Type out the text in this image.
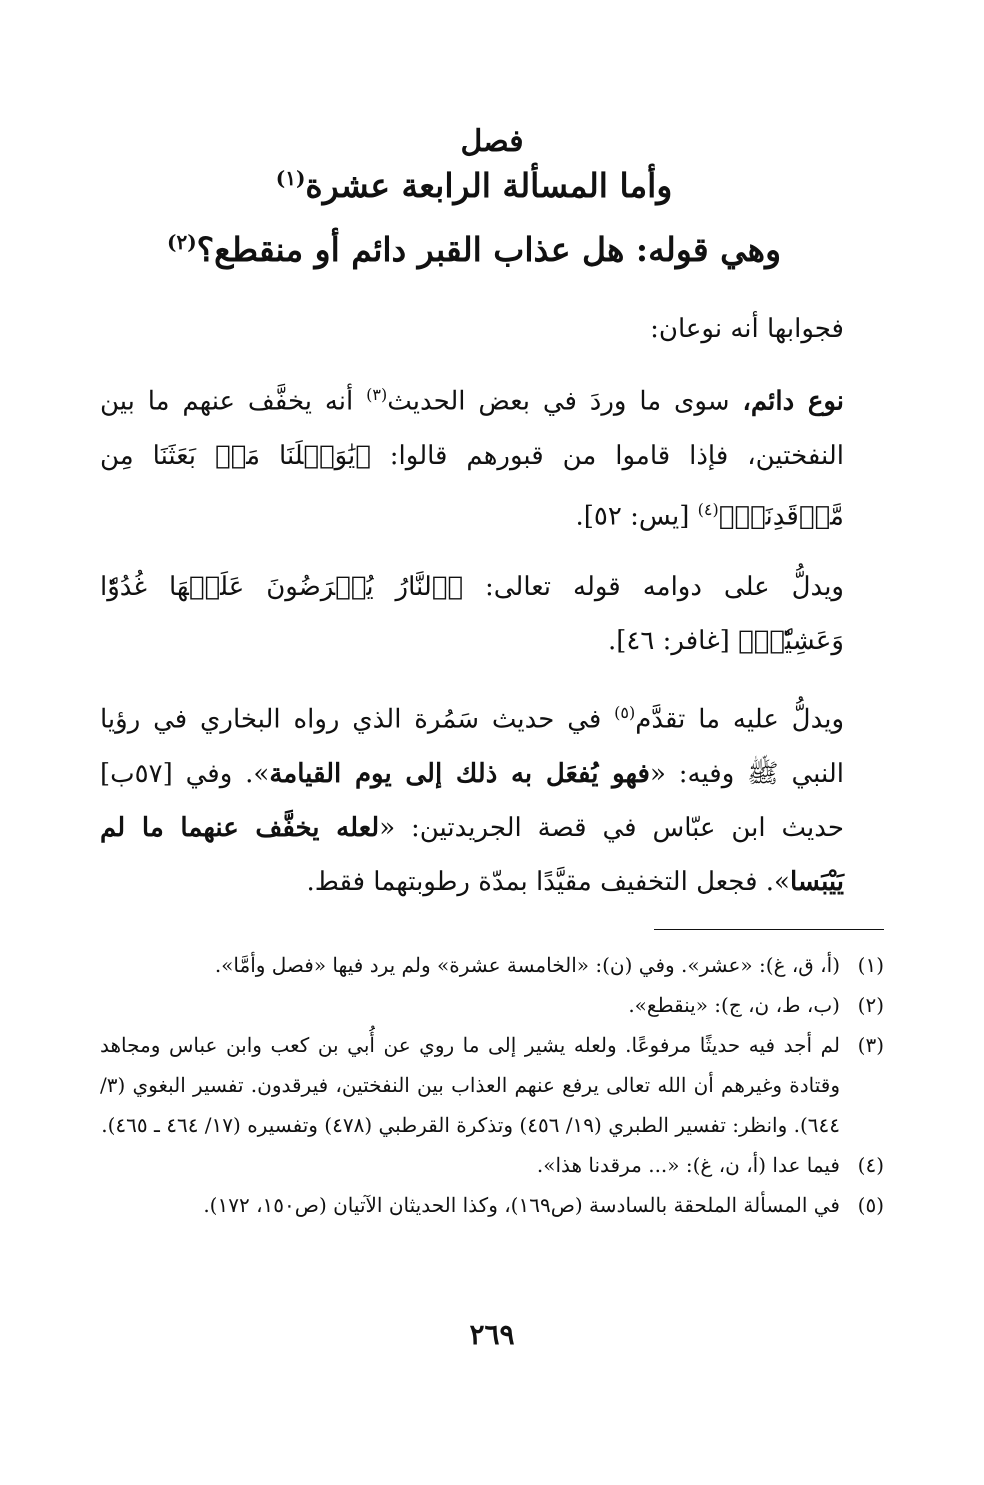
فصل
وأما المسألة الرابعة عشرة$^{(١)}$
وهي قوله: هل عذاب القبر دائم أو منقطع؟$^{(٢)}$
فجوابها أنه نوعان:
نوع دائم، سوى ما وردَ في بعض الحديث$^{(٣)}$ أنه يخفَّف عنهم ما بين النفختين، فإذا قاموا من قبورهم قالوا: ﴿يَٰوَيۡلَنَا مَنۢ بَعَثَنَا مِن مَّرۡقَدِنَاۜ﴾$^{(٤)}$ [يس: ٥٢].
ويدلُّ على دوامه قوله تعالى: ﴿ٱلنَّارُ يُعۡرَضُونَ عَلَيۡهَا غُدُوّٗا وَعَشِيّٗاۚ﴾ [غافر: ٤٦].
ويدلُّ عليه ما تقدَّم$^{(٥)}$ في حديث سَمُرة الذي رواه البخاري في رؤيا النبي ﷺ وفيه: «فهو يُفعَل به ذلك إلى يوم القيامة». وفي [٥٧ب] حديث ابن عبّاس في قصة الجريدتين: «لعله يخفَّف عنهما ما لم يَيْبَسا». فجعل التخفيف مقيَّدًا بمدّة رطوبتهما فقط.
(١)
(أ، ق، غ): «عشر». وفي (ن): «الخامسة عشرة» ولم يرد فيها «فصل وأمَّا».
(٢)
(ب، ط، ن، ج): «ينقطع».
(٣)
لم أجد فيه حديثًا مرفوعًا. ولعله يشير إلى ما روي عن أُبي بن كعب وابن عباس ومجاهد وقتادة وغيرهم أن الله تعالى يرفع عنهم العذاب بين النفختين، فيرقدون. تفسير البغوي (٣/ ٦٤٤). وانظر: تفسير الطبري (١٩/ ٤٥٦) وتذكرة القرطبي (٤٧٨) وتفسيره (١٧/ ٤٦٤ ـ ٤٦٥).
(٤)
فيما عدا (أ، ن، غ): «... مرقدنا هذا».
(٥)
في المسألة الملحقة بالسادسة (ص١٦٩)، وكذا الحديثان الآتيان (ص١٥٠، ١٧٢).
٢٦٩
